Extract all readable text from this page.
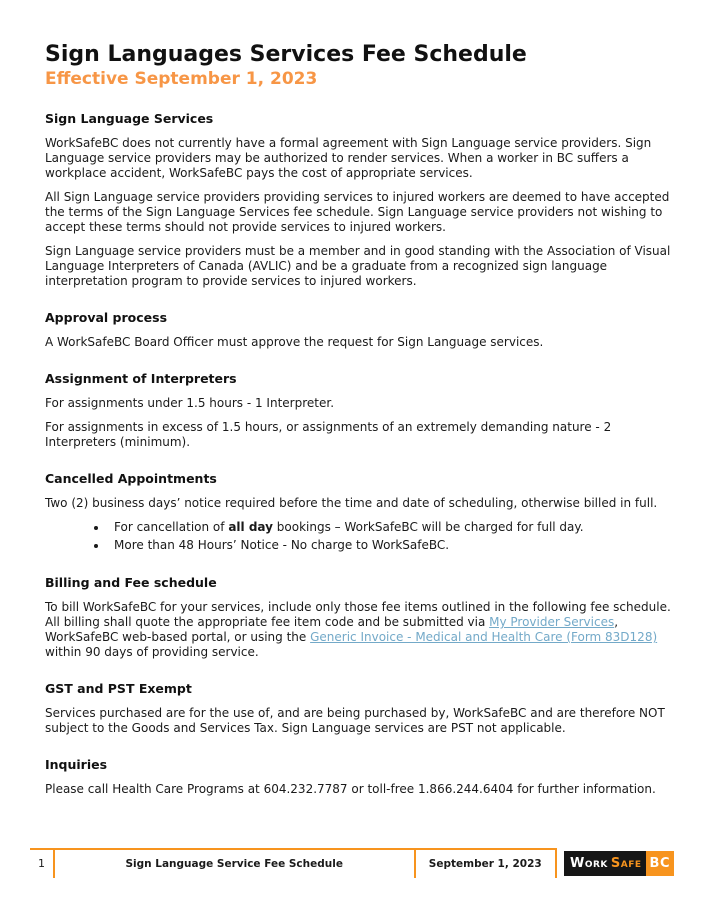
Sign Languages Services Fee Schedule
Effective September 1, 2023
Sign Language Services

WorkSafeBC does not currently have a formal agreement with Sign Language service providers. Sign Language service providers may be authorized to render services. When a worker in BC suffers a workplace accident, WorkSafeBC pays the cost of appropriate services.

All Sign Language service providers providing services to injured workers are deemed to have accepted the terms of the Sign Language Services fee schedule. Sign Language service providers not wishing to accept these terms should not provide services to injured workers.

Sign Language service providers must be a member and in good standing with the Association of Visual Language Interpreters of Canada (AVLIC) and be a graduate from a recognized sign language interpretation program to provide services to injured workers.

Approval process

A WorkSafeBC Board Officer must approve the request for Sign Language services.

Assignment of Interpreters

For assignments under 1.5 hours - 1 Interpreter.

For assignments in excess of 1.5 hours, or assignments of an extremely demanding nature - 2 Interpreters (minimum).

Cancelled Appointments

Two (2) business days’ notice required before the time and date of scheduling, otherwise billed in full.

• For cancellation of all day bookings – WorkSafeBC will be charged for full day.
• More than 48 Hours’ Notice - No charge to WorkSafeBC.
Billing and Fee schedule

To bill WorkSafeBC for your services, include only those fee items outlined in the following fee schedule. All billing shall quote the appropriate fee item code and be submitted via My Provider Services, WorkSafeBC web-based portal, or using the Generic Invoice - Medical and Health Care (Form 83D128) within 90 days of providing service.

GST and PST Exempt

Services purchased are for the use of, and are being purchased by, WorkSafeBC and are therefore NOT subject to the Goods and Services Tax. Sign Language services are PST not applicable.

Inquiries

Please call Health Care Programs at 604.232.7787 or toll-free 1.866.244.6404 for further information.

1	Sign Language Service Fee Schedule	September 1, 2023	Work Safe BC
